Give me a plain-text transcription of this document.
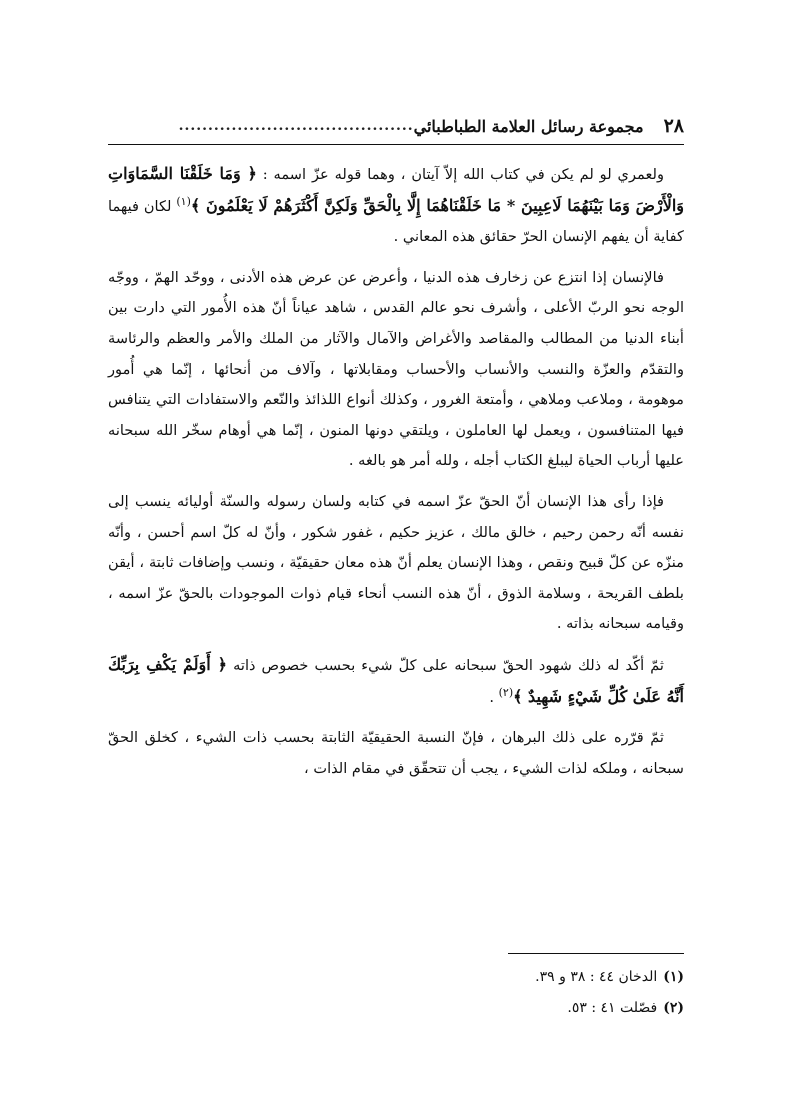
٢٨
مجموعة رسائل العلامة الطباطبائي
........................................

ولعمري لو لم يكن في كتاب الله إلاّ آيتان ، وهما قوله عزّ اسمه : ﴿ وَمَا خَلَقْنَا السَّمَاوَاتِ وَالْأَرْضَ وَمَا بَيْنَهُمَا لَاعِبِينَ * مَا خَلَقْنَاهُمَا إِلَّا بِالْحَقِّ وَلَكِنَّ أَكْثَرَهُمْ لَا يَعْلَمُونَ ﴾$^{(١)}$ لكان فيهما كفاية أن يفهم الإنسان الحرّ حقائق هذه المعاني .

فالإنسان إذا انتزع عن زخارف هذه الدنيا ، وأعرض عن عرض هذه الأدنى ، ووحّد الهمّ ، ووجّه الوجه نحو الربّ الأعلى ، وأشرف نحو عالم القدس ، شاهد عياناً أنّ هذه الأُمور التي دارت بين أبناء الدنيا من المطالب والمقاصد والأغراض والآمال والآثار من الملك والأمر والعظم والرئاسة والتقدّم والعزّة والنسب والأنساب والأحساب ومقابلاتها ، وآلاف من أنحائها ، إنّما هي أُمور موهومة ، وملاعب وملاهي ، وأمتعة الغرور ، وكذلك أنواع اللذائذ والنّعم والاستفادات التي يتنافس فيها المتنافسون ، ويعمل لها العاملون ، ويلتقي دونها المنون ، إنّما هي أوهام سخّر الله سبحانه عليها أرباب الحياة ليبلغ الكتاب أجله ، ولله أمر هو بالغه .

فإذا رأى هذا الإنسان أنّ الحقّ عزّ اسمه في كتابه ولسان رسوله والسنّة أوليائه ينسب إلى نفسه أنّه رحمن رحيم ، خالق مالك ، عزيز حكيم ، غفور شكور ، وأنّ له كلّ اسم أحسن ، وأنّه منزّه عن كلّ قبيح ونقص ، وهذا الإنسان يعلم أنّ هذه معان حقيقيّة ، ونسب وإضافات ثابتة ، أيقن بلطف القريحة ، وسلامة الذوق ، أنّ هذه النسب أنحاء قيام ذوات الموجودات بالحقّ عزّ اسمه ، وقيامه سبحانه بذاته .

ثمّ أكّد له ذلك شهود الحقّ سبحانه على كلّ شيء بحسب خصوص ذاته ﴿ أَوَلَمْ يَكْفِ بِرَبِّكَ أَنَّهُ عَلَىٰ كُلِّ شَيْءٍ شَهِيدٌ ﴾$^{(٢)}$ .

ثمّ قرّره على ذلك البرهان ، فإنّ النسبة الحقيقيّة الثابتة بحسب ذات الشيء ، كخلق الحقّ سبحانه ، وملكه لذات الشيء ، يجب أن تتحقّق في مقام الذات ،

(١)الدخان ٤٤ : ٣٨ و ٣٩.
(٢)فصّلت ٤١ : ٥٣.
